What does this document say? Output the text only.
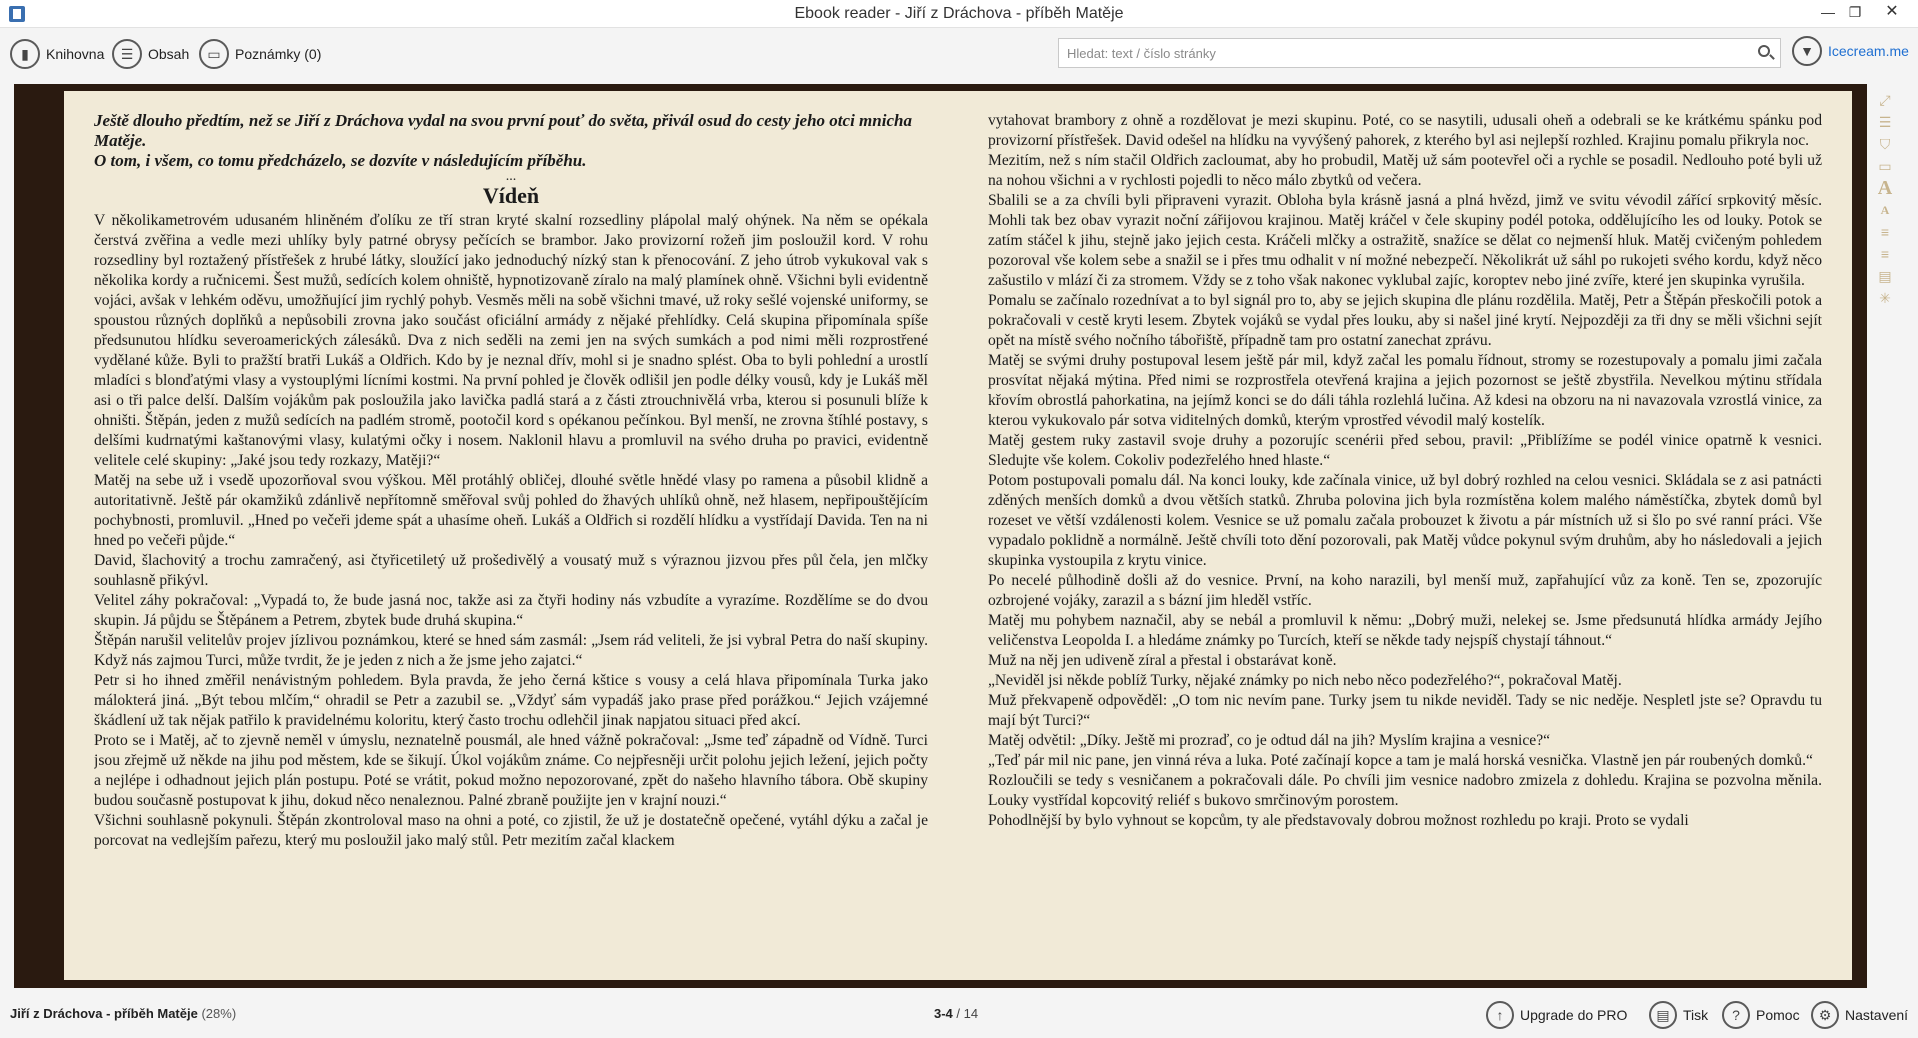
Ebook reader - Jiří z Dráchova - příběh Matěje	— ❐	✕
▮	Knihovna	☰	Obsah	▭	Poznámky (0)
Hledat: text / číslo stránky	▼	Icecream.me

Ještě dlouho předtím, než se Jiří z Dráchova vydal na svou první pouť do světa, přivál osud do cesty jeho otci mnicha Matěje.

O tom, i všem, co tomu předcházelo, se dozvíte v následujícím příběhu.

...
Vídeň

V několikametrovém udusaném hliněném ďolíku ze tří stran kryté skalní rozsedliny plápolal malý ohýnek. Na něm se opékala čerstvá zvěřina a vedle mezi uhlíky byly patrné obrysy pečících se brambor. Jako provizorní rožeň jim posloužil kord. V rohu rozsedliny byl roztažený přístřešek z hrubé látky, sloužící jako jednoduchý nízký stan k přenocování. Z jeho útrob vykukoval vak s několika kordy a ručnicemi. Šest mužů, sedících kolem ohniště, hypnotizovaně zíralo na malý plamínek ohně. Všichni byli evidentně vojáci, avšak v lehkém oděvu, umožňující jim rychlý pohyb. Vesměs měli na sobě všichni tmavé, už roky sešlé vojenské uniformy, se spoustou různých doplňků a nepůsobili zrovna jako součást oficiální armády z nějaké přehlídky. Celá skupina připomínala spíše předsunutou hlídku severoamerických zálesáků. Dva z nich seděli na zemi jen na svých sumkách a pod nimi měli rozprostřené vydělané kůže. Byli to pražští bratři Lukáš a Oldřich. Kdo by je neznal dřív, mohl si je snadno splést. Oba to byli pohlední a urostlí mladíci s blonďatými vlasy a vystouplými lícními kostmi. Na první pohled je člověk odlišil jen podle délky vousů, kdy je Lukáš měl asi o tři palce delší. Dalším vojákům pak posloužila jako lavička padlá stará a z části ztrouchnivělá vrba, kterou si posunuli blíže k ohništi. Štěpán, jeden z mužů sedících na padlém stromě, pootočil kord s opékanou pečínkou. Byl menší, ne zrovna štíhlé postavy, s delšími kudrnatými kaštanovými vlasy, kulatými očky i nosem. Naklonil hlavu a promluvil na svého druha po pravici, evidentně velitele celé skupiny: „Jaké jsou tedy rozkazy, Matěji?“

Matěj na sebe už i vsedě upozorňoval svou výškou. Měl protáhlý obličej, dlouhé světle hnědé vlasy po ramena a působil klidně a autoritativně. Ještě pár okamžiků zdánlivě nepřítomně směřoval svůj pohled do žhavých uhlíků ohně, než hlasem, nepřipouštějícím pochybnosti, promluvil. „Hned po večeři jdeme spát a uhasíme oheň. Lukáš a Oldřich si rozdělí hlídku a vystřídají Davida. Ten na ni hned po večeři půjde.“

David, šlachovitý a trochu zamračený, asi čtyřicetiletý už prošedivělý a vousatý muž s výraznou jizvou přes půl čela, jen mlčky souhlasně přikývl.

Velitel záhy pokračoval: „Vypadá to, že bude jasná noc, takže asi za čtyři hodiny nás vzbudíte a vyrazíme. Rozdělíme se do dvou skupin. Já půjdu se Štěpánem a Petrem, zbytek bude druhá skupina.“

Štěpán narušil velitelův projev jízlivou poznámkou, které se hned sám zasmál: „Jsem rád veliteli, že jsi vybral Petra do naší skupiny. Když nás zajmou Turci, může tvrdit, že je jeden z nich a že jsme jeho zajatci.“

Petr si ho ihned změřil nenávistným pohledem. Byla pravda, že jeho černá kštice s vousy a celá hlava připomínala Turka jako málokterá jiná. „Být tebou mlčím,“ ohradil se Petr a zazubil se. „Vždyť sám vypadáš jako prase před porážkou.“ Jejich vzájemné škádlení už tak nějak patřilo k pravidelnému koloritu, který často trochu odlehčil jinak napjatou situaci před akcí.

Proto se i Matěj, ač to zjevně neměl v úmyslu, neznatelně pousmál, ale hned vážně pokračoval: „Jsme teď západně od Vídně. Turci jsou zřejmě už někde na jihu pod městem, kde se šikují. Úkol vojákům známe. Co nejpřesněji určit polohu jejich ležení, jejich počty a nejlépe i odhadnout jejich plán postupu. Poté se vrátit, pokud možno nepozorované, zpět do našeho hlavního tábora. Obě skupiny budou současně postupovat k jihu, dokud něco nenaleznou. Palné zbraně použijte jen v krajní nouzi.“

Všichni souhlasně pokynuli. Štěpán zkontroloval maso na ohni a poté, co zjistil, že už je dostatečně opečené, vytáhl dýku a začal je porcovat na vedlejším pařezu, který mu posloužil jako malý stůl. Petr mezitím začal klackem

vytahovat brambory z ohně a rozdělovat je mezi skupinu. Poté, co se nasytili, udusali oheň a odebrali se ke krátkému spánku pod provizorní přístřešek. David odešel na hlídku na vyvýšený pahorek, z kterého byl asi nejlepší rozhled. Krajinu pomalu přikryla noc.

Mezitím, než s ním stačil Oldřich zacloumat, aby ho probudil, Matěj už sám pootevřel oči a rychle se posadil. Nedlouho poté byli už na nohou všichni a v rychlosti pojedli to něco málo zbytků od večera.

Sbalili se a za chvíli byli připraveni vyrazit. Obloha byla krásně jasná a plná hvězd, jimž ve svitu vévodil zářící srpkovitý měsíc. Mohli tak bez obav vyrazit noční zářijovou krajinou. Matěj kráčel v čele skupiny podél potoka, oddělujícího les od louky. Potok se zatím stáčel k jihu, stejně jako jejich cesta. Kráčeli mlčky a ostražitě, snažíce se dělat co nejmenší hluk. Matěj cvičeným pohledem pozoroval vše kolem sebe a snažil se i přes tmu odhalit v ní možné nebezpečí. Několikrát už sáhl po rukojeti svého kordu, když něco zašustilo v mlází či za stromem. Vždy se z toho však nakonec vyklubal zajíc, koroptev nebo jiné zvíře, které jen skupinka vyrušila.

Pomalu se začínalo rozednívat a to byl signál pro to, aby se jejich skupina dle plánu rozdělila. Matěj, Petr a Štěpán přeskočili potok a pokračovali v cestě kryti lesem. Zbytek vojáků se vydal přes louku, aby si našel jiné krytí. Nejpozději za tři dny se měli všichni sejít opět na místě svého nočního tábořiště, případně tam pro ostatní zanechat zprávu.

Matěj se svými druhy postupoval lesem ještě pár mil, když začal les pomalu řídnout, stromy se rozestupovaly a pomalu jimi začala prosvítat nějaká mýtina. Před nimi se rozprostřela otevřená krajina a jejich pozornost se ještě zbystřila. Nevelkou mýtinu střídala křovím obrostlá pahorkatina, na jejímž konci se do dáli táhla rozlehlá lučina. Až kdesi na obzoru na ni navazovala vzrostlá vinice, za kterou vykukovalo pár sotva viditelných domků, kterým vprostřed vévodil malý kostelík.

Matěj gestem ruky zastavil svoje druhy a pozorujíc scenérii před sebou, pravil: „Přiblížíme se podél vinice opatrně k vesnici. Sledujte vše kolem. Cokoliv podezřelého hned hlaste.“

Potom postupovali pomalu dál. Na konci louky, kde začínala vinice, už byl dobrý rozhled na celou vesnici. Skládala se z asi patnácti zděných menších domků a dvou větších statků. Zhruba polovina jich byla rozmístěna kolem malého náměstíčka, zbytek domů byl rozeset ve větší vzdálenosti kolem. Vesnice se už pomalu začala probouzet k životu a pár místních už si šlo po své ranní práci. Vše vypadalo poklidně a normálně. Ještě chvíli toto dění pozorovali, pak Matěj vůdce pokynul svým druhům, aby ho následovali a jejich skupinka vystoupila z krytu vinice.

Po necelé půlhodině došli až do vesnice. První, na koho narazili, byl menší muž, zapřahující vůz za koně. Ten se, zpozorujíc ozbrojené vojáky, zarazil a s bázní jim hleděl vstříc.

Matěj mu pohybem naznačil, aby se nebál a promluvil k němu: „Dobrý muži, nelekej se. Jsme předsunutá hlídka armády Jejího veličenstva Leopolda I. a hledáme známky po Turcích, kteří se někde tady nejspíš chystají táhnout.“

Muž na něj jen udiveně zíral a přestal i obstarávat koně.

„Neviděl jsi někde poblíž Turky, nějaké známky po nich nebo něco podezřelého?“, pokračoval Matěj.

Muž překvapeně odpověděl: „O tom nic nevím pane. Turky jsem tu nikde neviděl. Tady se nic neděje. Nespletl jste se? Opravdu tu mají být Turci?“

Matěj odvětil: „Díky. Ještě mi prozraď, co je odtud dál na jih? Myslím krajina a vesnice?“

„Teď pár mil nic pane, jen vinná réva a luka. Poté začínají kopce a tam je malá horská vesnička. Vlastně jen pár roubených domků.“

Rozloučili se tedy s vesničanem a pokračovali dále. Po chvíli jim vesnice nadobro zmizela z dohledu. Krajina se pozvolna měnila. Louky vystřídal kopcovitý reliéf s bukovo smrčinovým porostem.

Pohodlnější by bylo vyhnout se kopcům, ty ale představovaly dobrou možnost rozhledu po kraji. Proto se vydali

⤢
☰
⛉
▭
A
A
≡
≡
▤
✳
Jiří z Dráchova - příběh Matěje (28%)	3-4 / 14	↑	Upgrade do PRO	▤ Tisk	?	Pomoc	⚙ Nastavení
